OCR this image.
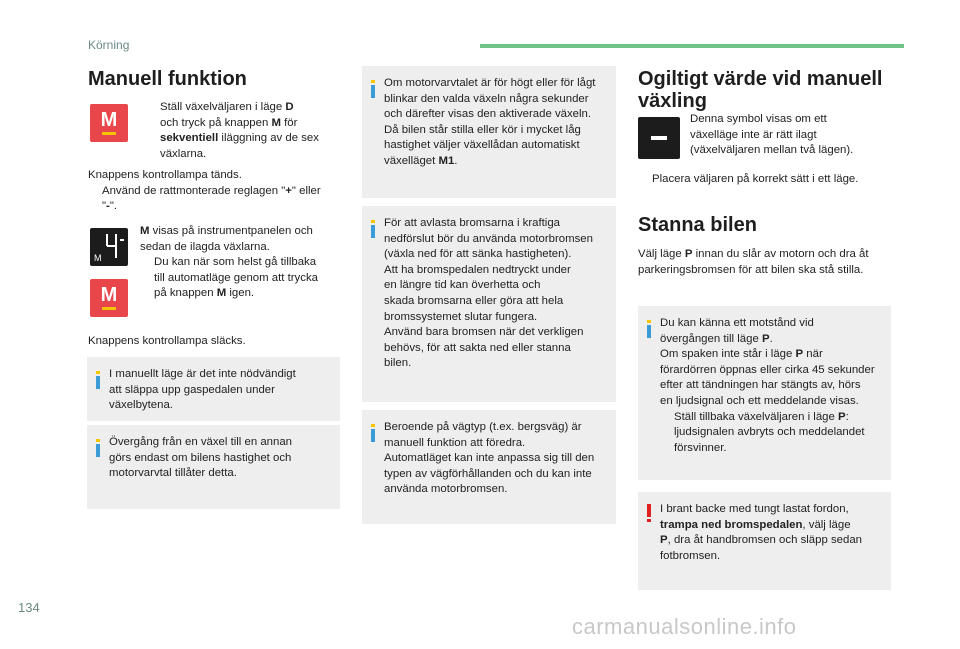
Körning
Manuell funktion
M
Ställ växelväljaren i läge D
och tryck på knappen M för
sekventiell iläggning av de sex
växlarna.
Knappens kontrollampa tänds.
Använd de rattmonterade reglagen "+" eller
"-".
M
M
M visas på instrumentpanelen och
sedan de ilagda växlarna.
Du kan när som helst gå tillbaka
till automatläge genom att trycka
på knappen M igen.
Knappens kontrollampa släcks.
I manuellt läge är det inte nödvändigt
att släppa upp gaspedalen under
växelbytena.
Övergång från en växel till en annan
görs endast om bilens hastighet och
motorvarvtal tillåter detta.
Om motorvarvtalet är för högt eller för lågt
blinkar den valda växeln några sekunder
och därefter visas den aktiverade växeln.
Då bilen står stilla eller kör i mycket låg
hastighet väljer växellådan automatiskt
växelläget M1.
För att avlasta bromsarna i kraftiga
nedförslut bör du använda motorbromsen
(växla ned för att sänka hastigheten).
Att ha bromspedalen nedtryckt under
en längre tid kan överhetta och
skada bromsarna eller göra att hela
bromssystemet slutar fungera.
Använd bara bromsen när det verkligen
behövs, för att sakta ned eller stanna
bilen.
Beroende på vägtyp (t.ex. bergsväg) är
manuell funktion att föredra.
Automatläget kan inte anpassa sig till den
typen av vägförhållanden och du kan inte
använda motorbromsen.
Ogiltigt värde vid manuell
växling
Denna symbol visas om ett
växelläge inte är rätt ilagt
(växelväljaren mellan två lägen).
Placera väljaren på korrekt sätt i ett läge.
Stanna bilen
Välj läge P innan du slår av motorn och dra åt
parkeringsbromsen för att bilen ska stå stilla.
Du kan känna ett motstånd vid
övergången till läge P.
Om spaken inte står i läge P när
förardörren öppnas eller cirka 45 sekunder
efter att tändningen har stängts av, hörs
en ljudsignal och ett meddelande visas.
Ställ tillbaka växelväljaren i läge P:
ljudsignalen avbryts och meddelandet
försvinner.
I brant backe med tungt lastat fordon,
trampa ned bromspedalen, välj läge
P, dra åt handbromsen och släpp sedan
fotbromsen.
134
carmanualsonline.info
